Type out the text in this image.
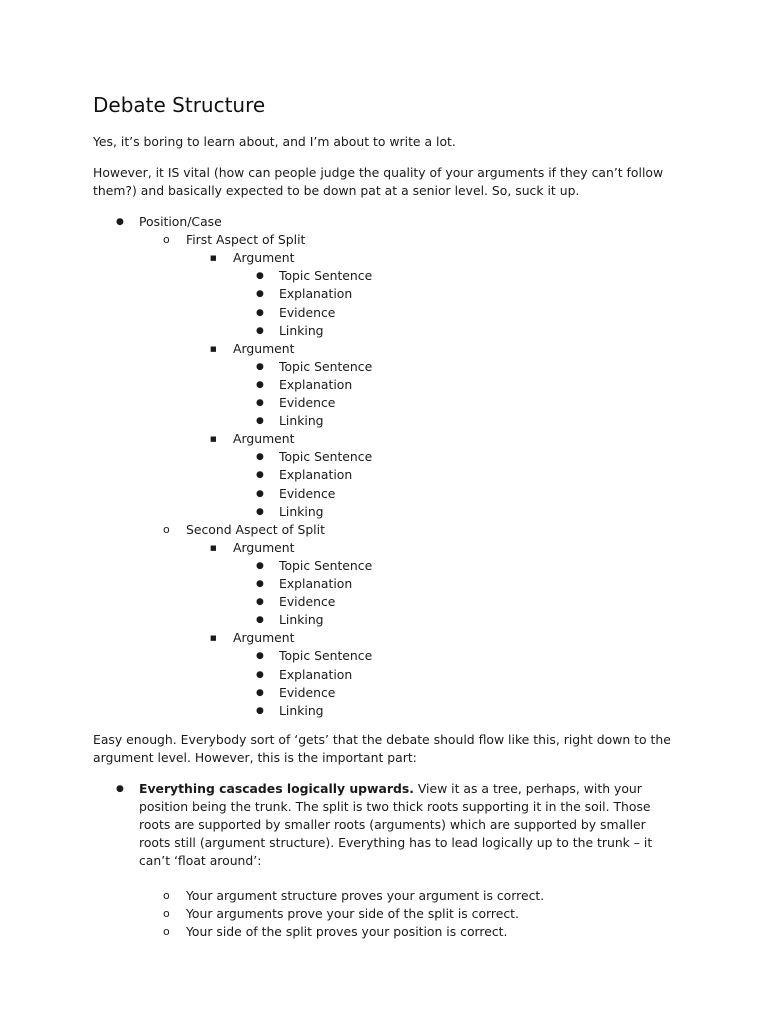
Debate Structure

Yes, it’s boring to learn about, and I’m about to write a lot.

However, it IS vital (how can people judge the quality of your arguments if they can’t follow them?) and basically expected to be down pat at a senior level. So, suck it up.

● Position/Case
o First Aspect of Split
■ Argument
● Topic Sentence
● Explanation
● Evidence
● Linking
■ Argument
● Topic Sentence
● Explanation
● Evidence
● Linking
■ Argument
● Topic Sentence
● Explanation
● Evidence
● Linking
o Second Aspect of Split
■ Argument
● Topic Sentence
● Explanation
● Evidence
● Linking
■ Argument
● Topic Sentence
● Explanation
● Evidence
● Linking

Easy enough. Everybody sort of ‘gets’ that the debate should flow like this, right down to the argument level. However, this is the important part:

● Everything cascades logically upwards. View it as a tree, perhaps, with your position being the trunk. The split is two thick roots supporting it in the soil. Those roots are supported by smaller roots (arguments) which are supported by smaller roots still (argument structure). Everything has to lead logically up to the trunk – it can’t ‘float around’:

o Your argument structure proves your argument is correct.
o Your arguments prove your side of the split is correct.
o Your side of the split proves your position is correct.
